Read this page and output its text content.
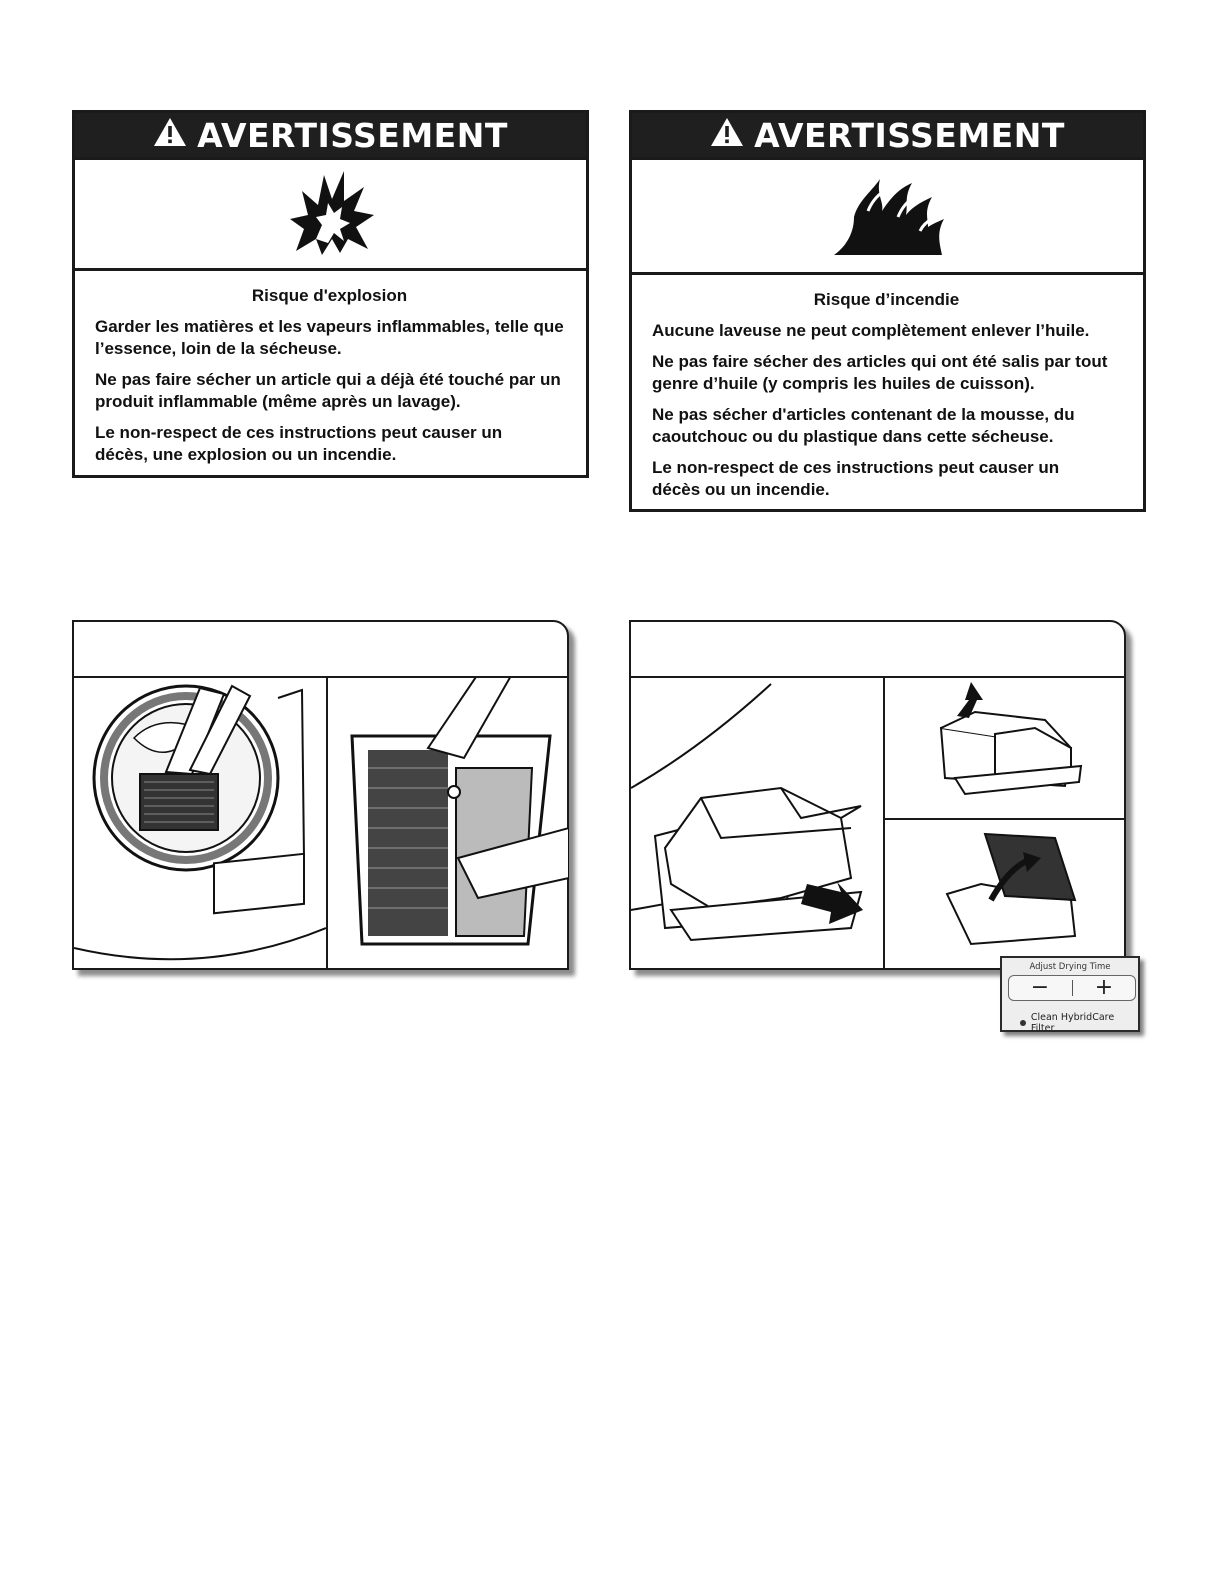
AVERTISSEMENT
Risque d'explosion

Garder les matières et les vapeurs inflammables, telle que l’essence, loin de la sécheuse.

Ne pas faire sécher un article qui a déjà été touché par un produit inflammable (même après un lavage).

Le non-respect de ces instructions peut causer un décès, une explosion ou un incendie.

AVERTISSEMENT
Risque d’incendie

Aucune laveuse ne peut complètement enlever l’huile.

Ne pas faire sécher des articles qui ont été salis par tout genre d’huile (y compris les huiles de cuisson).

Ne pas sécher d'articles contenant de la mousse, du caoutchouc ou du plastique dans cette sécheuse.

Le non-respect de ces instructions peut causer un décès ou un incendie.

Adjust Drying Time
−	+
Clean HybridCare Filter
